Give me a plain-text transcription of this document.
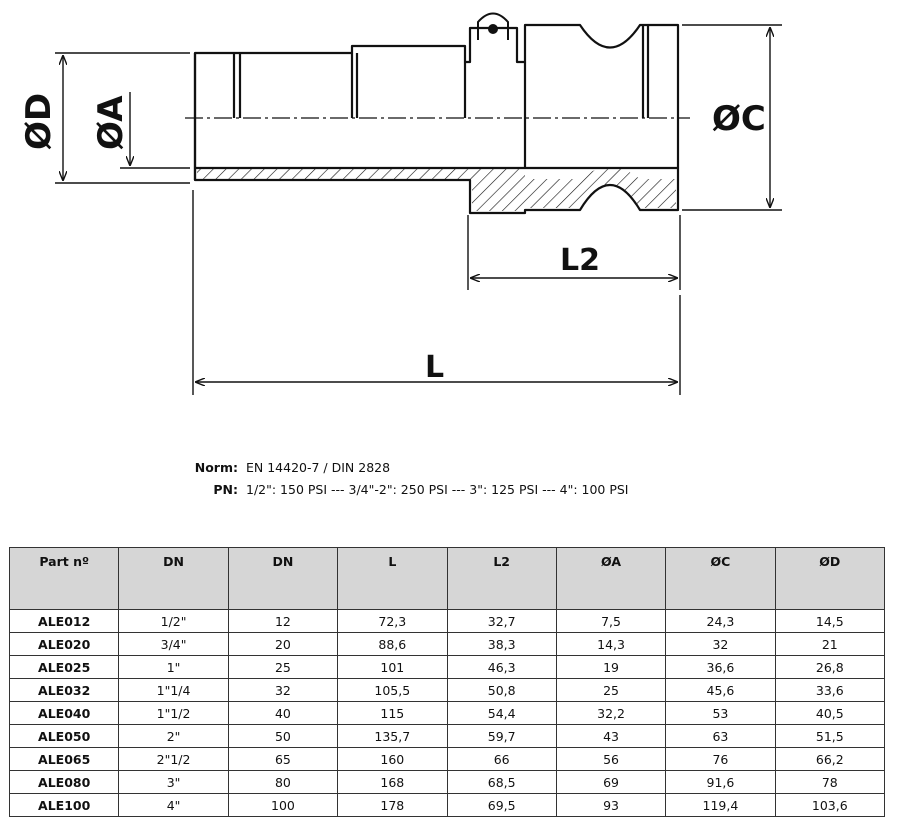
ØD ØA	ØC
L2
L
Norm: EN 14420-7 / DIN 2828
PN: 1/2": 150 PSI --- 3/4"-2": 250 PSI --- 3": 125 PSI --- 4": 100 PSI
Part nº	DN	DN	L	L2	ØA	ØC	ØD
ALE012	1/2"	12	72,3	32,7	7,5	24,3	14,5
ALE020	3/4"	20	88,6	38,3	14,3	32	21
ALE025	1"	25	101	46,3	19	36,6	26,8
ALE032	1"1/4	32	105,5	50,8	25	45,6	33,6
ALE040	1"1/2	40	115	54,4	32,2	53	40,5
ALE050	2"	50	135,7	59,7	43	63	51,5
ALE065	2"1/2	65	160	66	56	76	66,2
ALE080	3"	80	168	68,5	69	91,6	78
ALE100	4"	100	178	69,5	93	119,4	103,6
